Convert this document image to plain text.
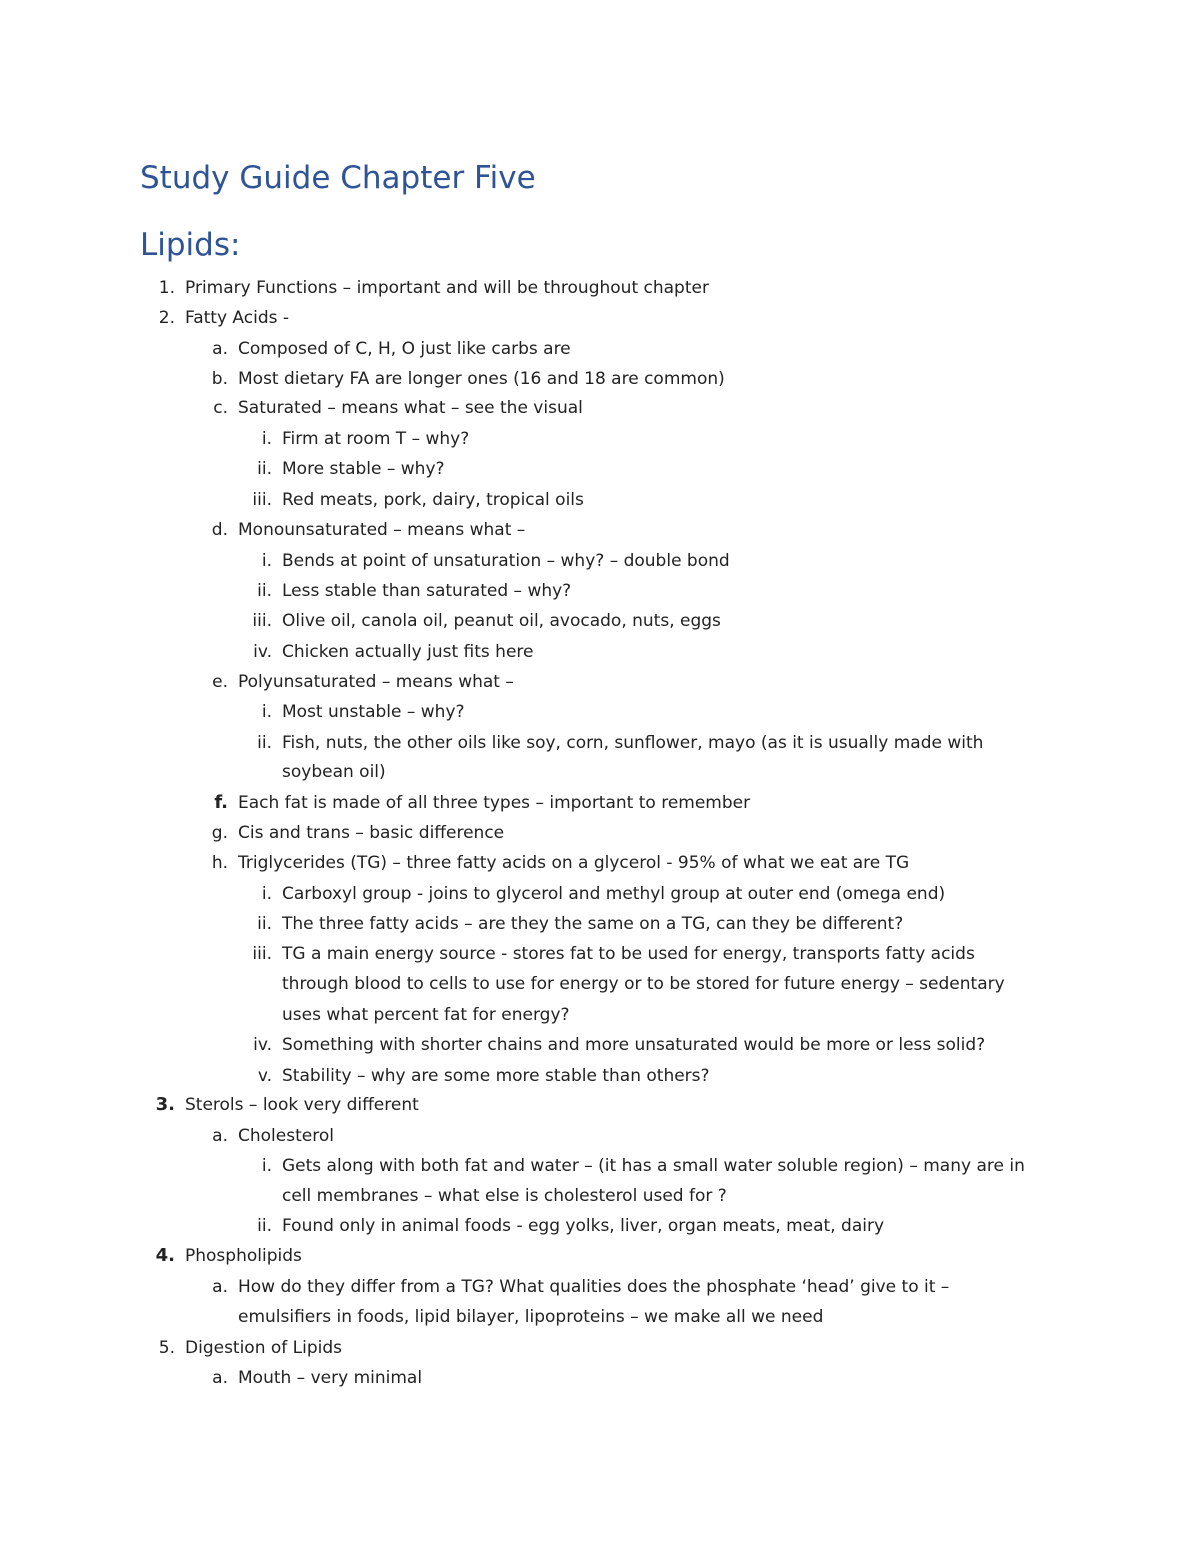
Study Guide Chapter Five
Lipids:
1. Primary Functions – important and will be throughout chapter
2. Fatty Acids -
a. Composed of C, H, O just like carbs are
b. Most dietary FA are longer ones (16 and 18 are common)
c. Saturated – means what – see the visual
i. Firm at room T – why?
ii. More stable – why?
iii. Red meats, pork, dairy, tropical oils
d. Monounsaturated – means what –
i. Bends at point of unsaturation – why? – double bond
ii. Less stable than saturated – why?
iii. Olive oil, canola oil, peanut oil, avocado, nuts, eggs
iv. Chicken actually just fits here
e. Polyunsaturated – means what –
i. Most unstable – why?
ii. Fish, nuts, the other oils like soy, corn, sunflower, mayo (as it is usually made with
soybean oil)
f. Each fat is made of all three types – important to remember
g. Cis and trans – basic difference
h. Triglycerides (TG) – three fatty acids on a glycerol - 95% of what we eat are TG
i. Carboxyl group - joins to glycerol and methyl group at outer end (omega end)
ii. The three fatty acids – are they the same on a TG, can they be different?
iii. TG a main energy source - stores fat to be used for energy, transports fatty acids
through blood to cells to use for energy or to be stored for future energy – sedentary
uses what percent fat for energy?
iv. Something with shorter chains and more unsaturated would be more or less solid?
v. Stability – why are some more stable than others?
3. Sterols – look very different
a. Cholesterol
i. Gets along with both fat and water – (it has a small water soluble region) – many are in
cell membranes – what else is cholesterol used for ?
ii. Found only in animal foods - egg yolks, liver, organ meats, meat, dairy
4. Phospholipids
a. How do they differ from a TG? What qualities does the phosphate ‘head’ give to it –
emulsifiers in foods, lipid bilayer, lipoproteins – we make all we need
5. Digestion of Lipids
a. Mouth – very minimal
